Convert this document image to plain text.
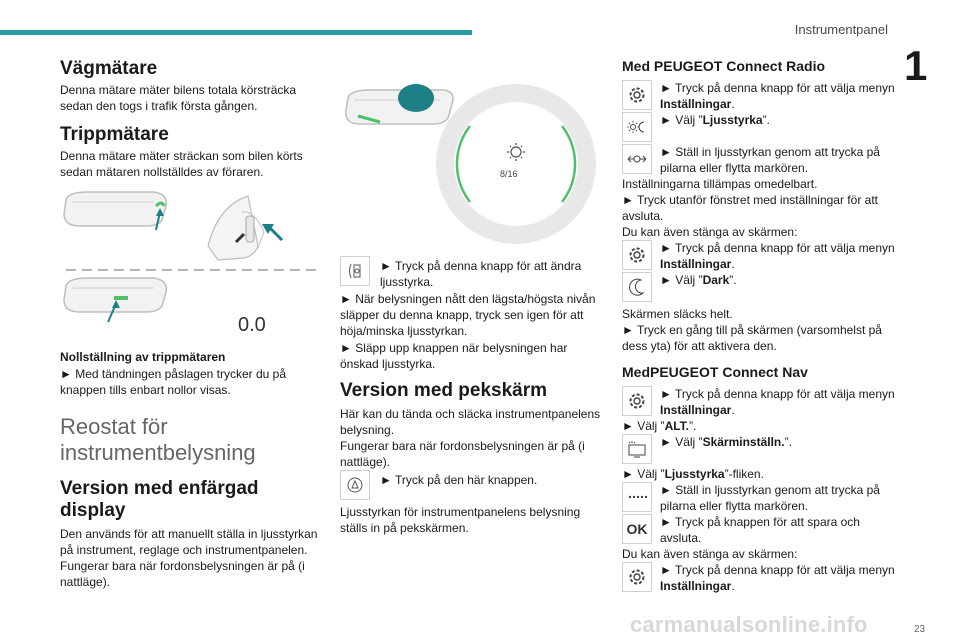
Instrumentpanel
1
Vägmätare

Denna mätare mäter bilens totala körsträcka sedan den togs i trafik första gången.

Trippmätare

Denna mätare mäter sträckan som bilen körts sedan mätaren nollställdes av föraren.

0.0
Nollställning av trippmätaren

► Med tändningen påslagen trycker du på knappen tills enbart nollor visas.

Reostat för instrumentbelysning
Version med enfärgad display

Den används för att manuellt ställa in ljusstyrkan på instrument, reglage och instrumentpanelen. Fungerar bara när fordonsbelysningen är på (i nattläge).

8/16
► Tryck på denna knapp för att ändra ljusstyrka.
► När belysningen nått den lägsta/högsta nivån släpper du denna knapp, tryck sen igen för att höja/minska ljusstyrkan.
► Släpp upp knappen när belysningen har önskad ljusstyrka.
Version med pekskärm
Här kan du tända och släcka instrumentpanelens belysning.
Fungerar bara när fordonsbelysningen är på (i nattläge).
► Tryck på den här knappen.
Ljusstyrkan för instrumentpanelens belysning ställs in på pekskärmen.
Med PEUGEOT Connect Radio
► Tryck på denna knapp för att välja menyn Inställningar.
► Välj ”Ljusstyrka”.
► Ställ in ljusstyrkan genom att trycka på pilarna eller flytta markören.
Inställningarna tillämpas omedelbart.
► Tryck utanför fönstret med inställningar för att avsluta.
Du kan även stänga av skärmen:
► Tryck på denna knapp för att välja menyn Inställningar.
► Välj ”Dark”.
Skärmen släcks helt.
► Tryck en gång till på skärmen (varsomhelst på dess yta) för att aktivera den.
MedPEUGEOT Connect Nav
► Tryck på denna knapp för att välja menyn Inställningar.
► Välj ”ALT.”.
► Välj ”Skärminställn.”.
► Välj ”Ljusstyrka”-fliken.
► Ställ in ljusstyrkan genom att trycka på pilarna eller flytta markören.
OK	► Tryck på knappen för att spara och avsluta.
Du kan även stänga av skärmen:
► Tryck på denna knapp för att välja menyn Inställningar.
carmanualsonline.info	23
